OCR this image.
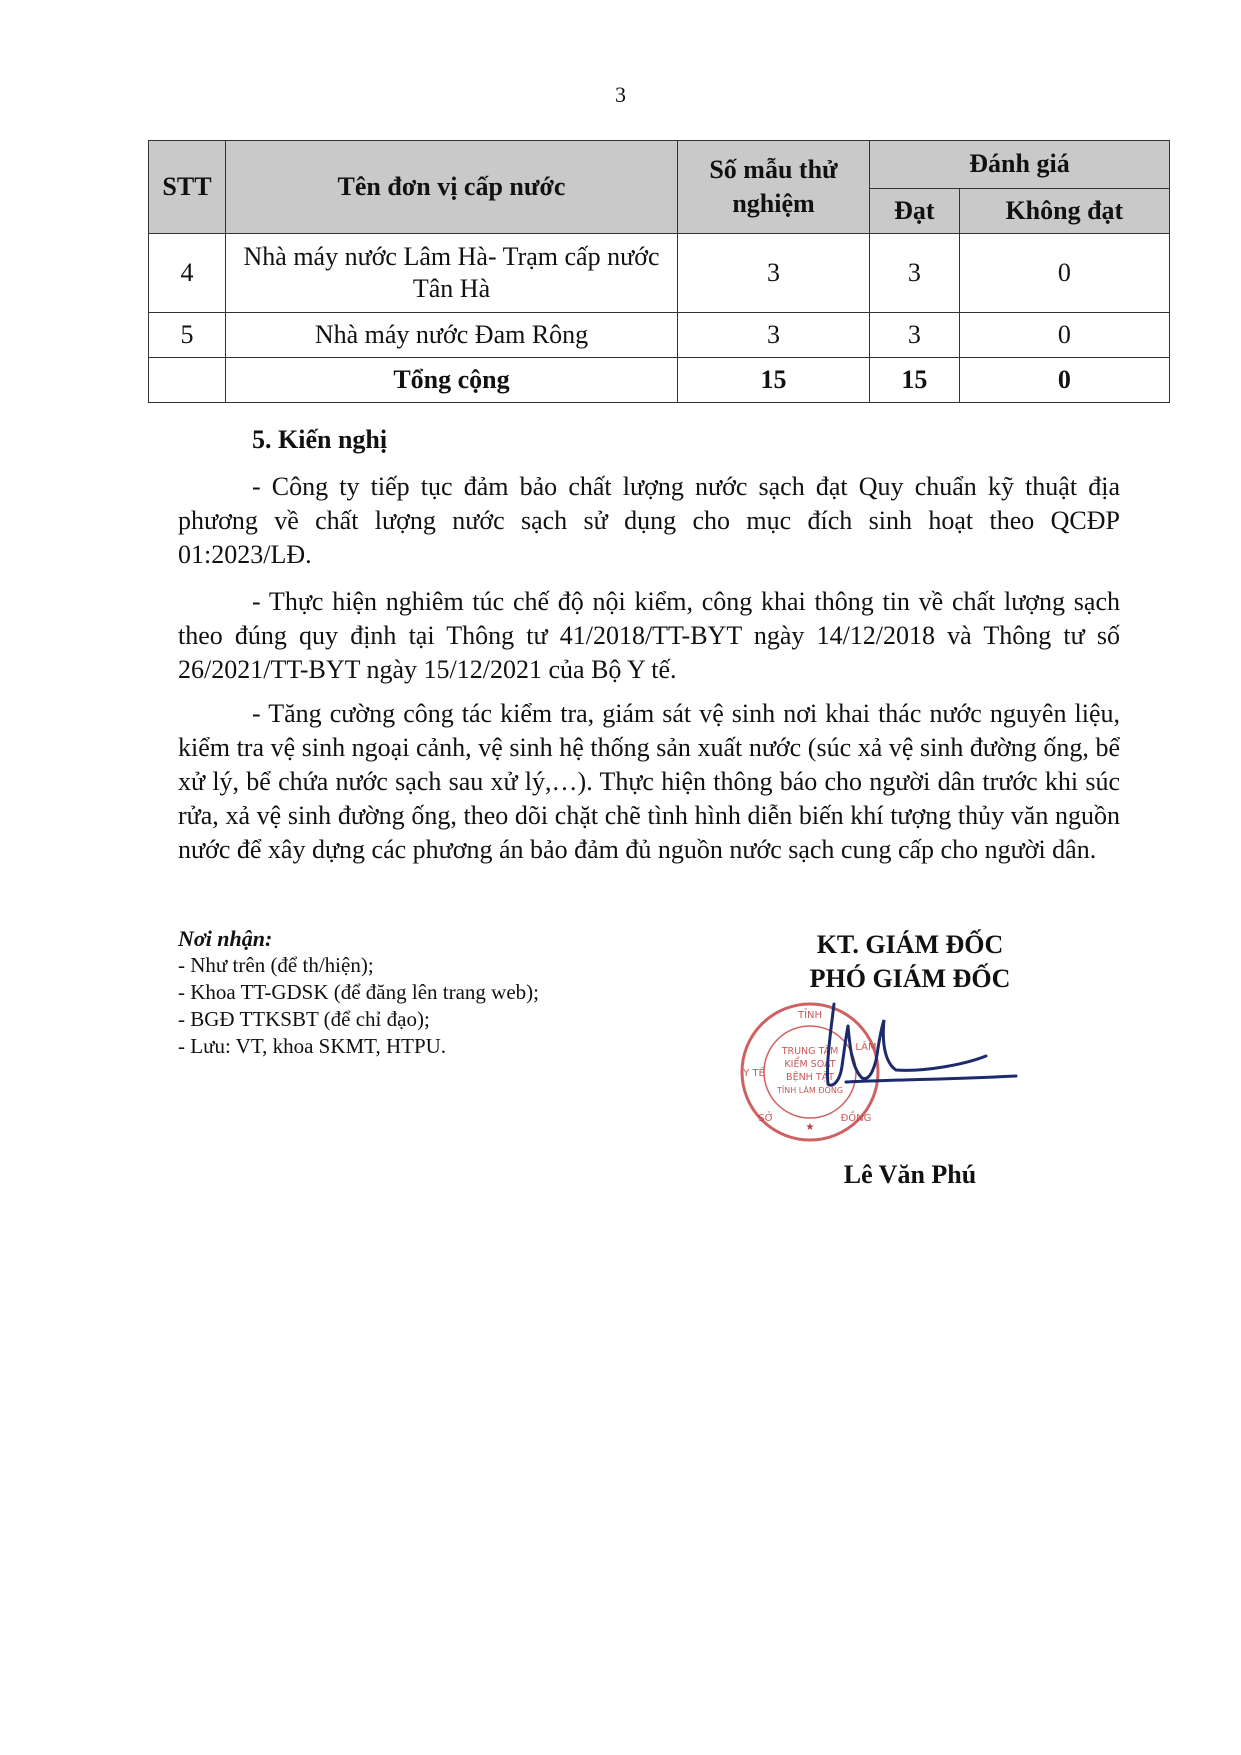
3
STT	Tên đơn vị cấp nước	Số mẫu thử nghiệm	Đánh giá	
			Đạt	Không đạt
4	Nhà máy nước Lâm Hà- Trạm cấp nước Tân Hà	3	3	0
5	Nhà máy nước Đam Rông	3	3	0
	Tổng cộng	15	15	0
5. Kiến nghị

- Công ty tiếp tục đảm bảo chất lượng nước sạch đạt Quy chuẩn kỹ thuật địa phương về chất lượng nước sạch sử dụng cho mục đích sinh hoạt theo QCĐP 01:2023/LĐ.

- Thực hiện nghiêm túc chế độ nội kiểm, công khai thông tin về chất lượng sạch theo đúng quy định tại Thông tư 41/2018/TT-BYT ngày 14/12/2018 và Thông tư số 26/2021/TT-BYT ngày 15/12/2021 của Bộ Y tế.

- Tăng cường công tác kiểm tra, giám sát vệ sinh nơi khai thác nước nguyên liệu, kiểm tra vệ sinh ngoại cảnh, vệ sinh hệ thống sản xuất nước (súc xả vệ sinh đường ống, bể xử lý, bể chứa nước sạch sau xử lý,…). Thực hiện thông báo cho người dân trước khi súc rửa, xả vệ sinh đường ống, theo dõi chặt chẽ tình hình diễn biến khí tượng thủy văn nguồn nước để xây dựng các phương án bảo đảm đủ nguồn nước sạch cung cấp cho người dân.

Nơi nhận:
- Như trên (để th/hiện);
- Khoa TT-GDSK (để đăng lên trang web);
- BGĐ TTKSBT (để chỉ đạo);
- Lưu: VT, khoa SKMT, HTPU.
KT. GIÁM ĐỐC
PHÓ GIÁM ĐỐC
TỈNH
Y TẾ
LÂM
SỞ	ĐỒNG
TRUNG TÂM
KIỂM SOÁT
BỆNH TẬT
TỈNH LÂM ĐỒNG
★
Lê Văn Phú
